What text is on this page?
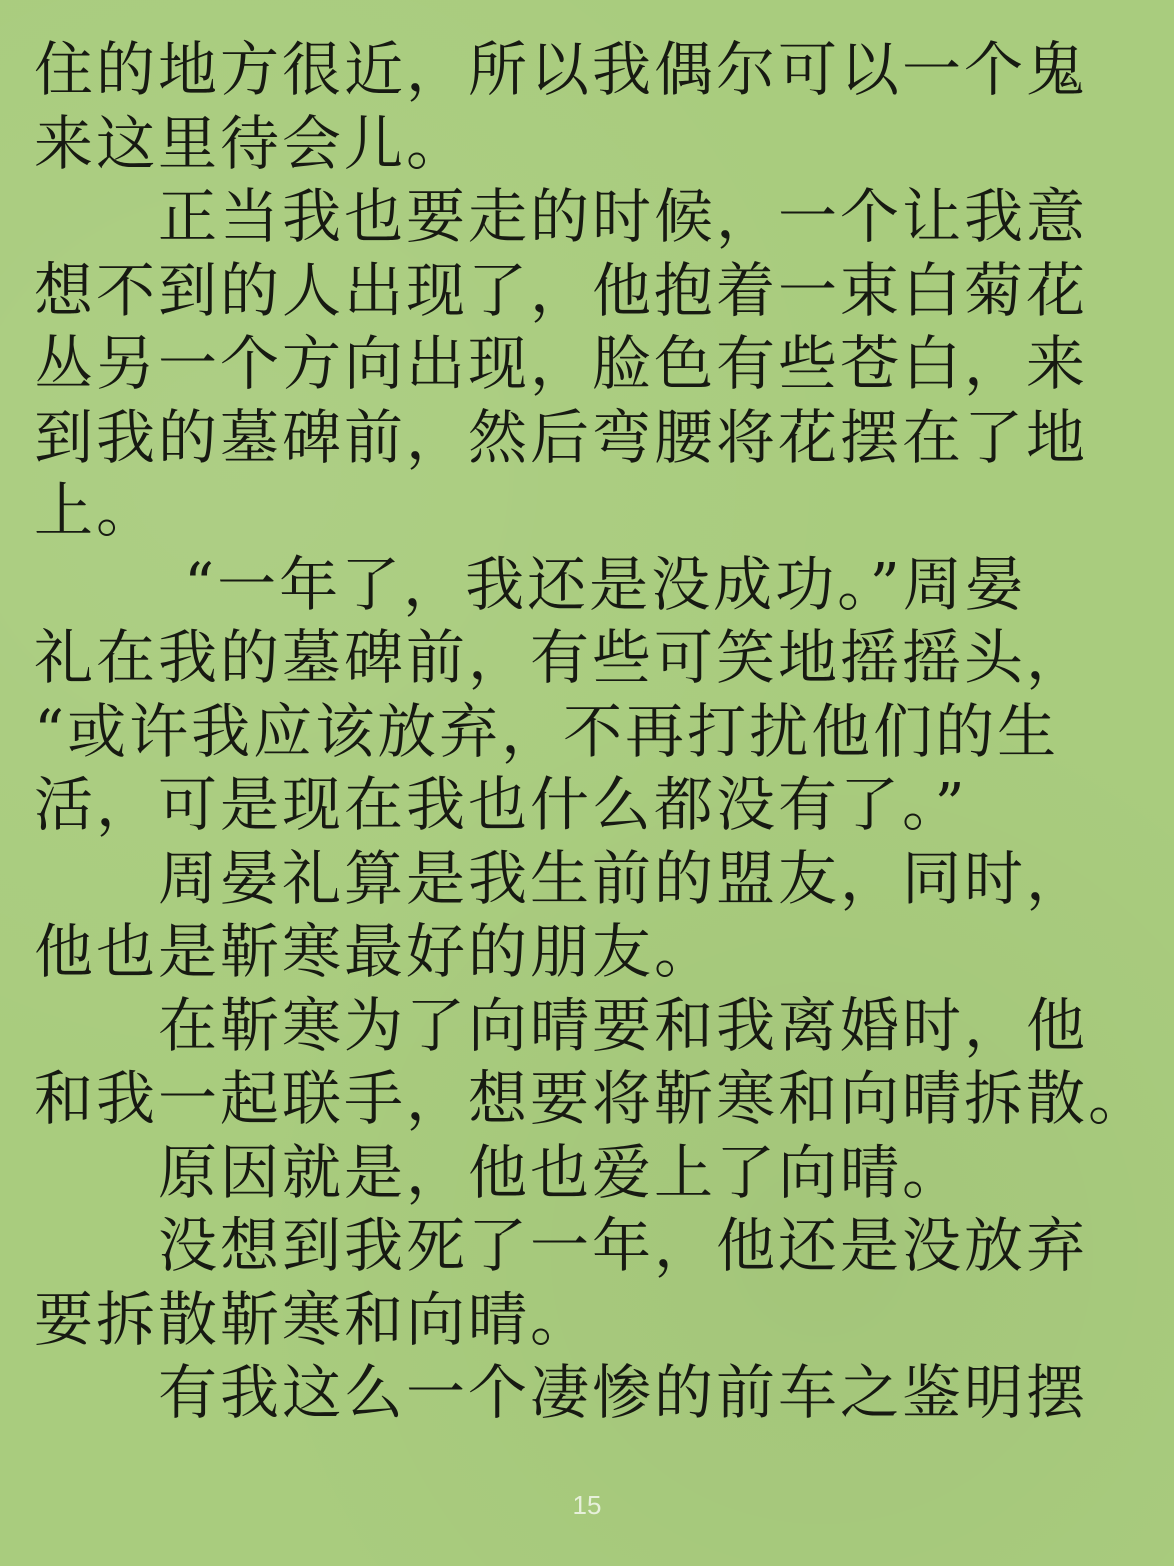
住的地方很近，所以我偶尔可以一个鬼
来这里待会儿。
正当我也要走的时候，一个让我意
想不到的人出现了，他抱着一束白菊花
丛另一个方向出现，脸色有些苍白，来
到我的墓碑前，然后弯腰将花摆在了地
上。
“一年了，我还是没成功。”周晏
礼在我的墓碑前，有些可笑地摇摇头，
“或许我应该放弃，不再打扰他们的生
活，可是现在我也什么都没有了。”
周晏礼算是我生前的盟友，同时，
他也是靳寒最好的朋友。
在靳寒为了向晴要和我离婚时，他
和我一起联手，想要将靳寒和向晴拆散。
原因就是，他也爱上了向晴。
没想到我死了一年，他还是没放弃
要拆散靳寒和向晴。
有我这么一个凄惨的前车之鉴明摆
15
